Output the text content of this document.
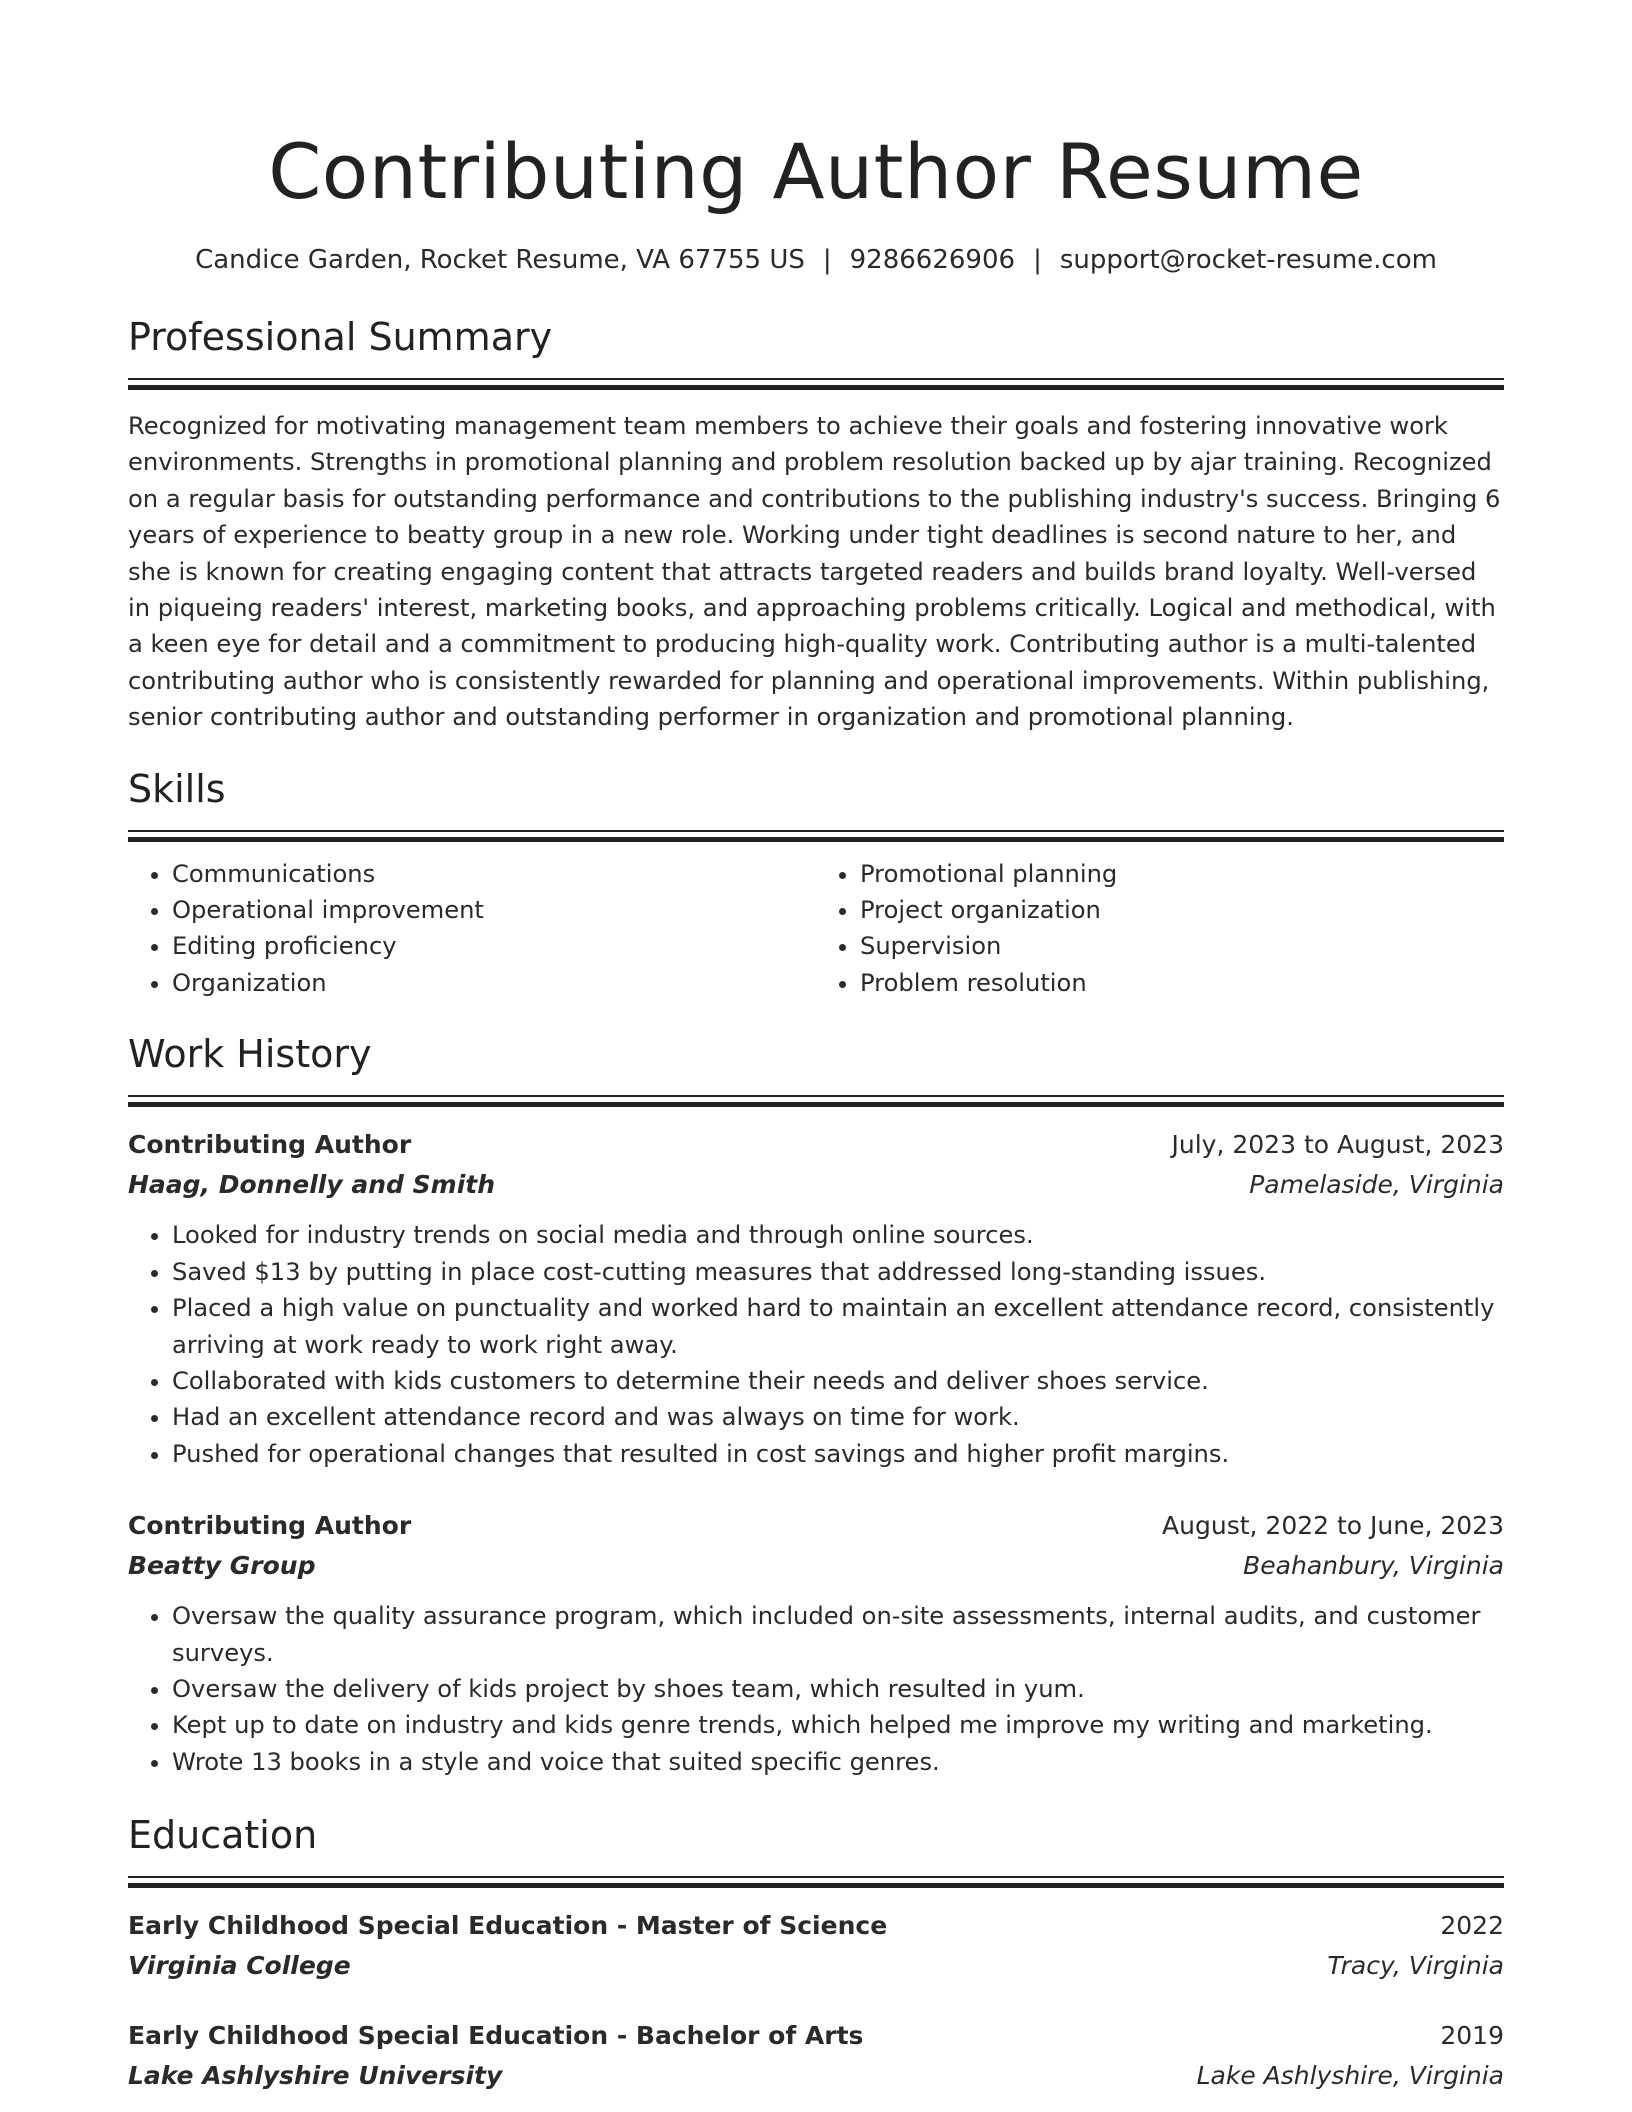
Contributing Author Resume
Candice Garden, Rocket Resume, VA 67755 US | 9286626906 | support@rocket-resume.com
Professional Summary
Recognized for motivating management team members to achieve their goals and fostering innovative work environments. Strengths in promotional planning and problem resolution backed up by ajar training. Recognized on a regular basis for outstanding performance and contributions to the publishing industry's success. Bringing 6 years of experience to beatty group in a new role. Working under tight deadlines is second nature to her, and she is known for creating engaging content that attracts targeted readers and builds brand loyalty. Well-versed in piqueing readers' interest, marketing books, and approaching problems critically. Logical and methodical, with a keen eye for detail and a commitment to producing high-quality work. Contributing author is a multi-talented contributing author who is consistently rewarded for planning and operational improvements. Within publishing, senior contributing author and outstanding performer in organization and promotional planning.
Skills
• Communications
• Operational improvement
• Editing proficiency
• Organization
• Promotional planning
• Project organization
• Supervision
• Problem resolution
Work History
Contributing Author	July, 2023 to August, 2023
Haag, Donnelly and Smith	Pamelaside, Virginia
• Looked for industry trends on social media and through online sources.
• Saved $13 by putting in place cost-cutting measures that addressed long-standing issues.
• Placed a high value on punctuality and worked hard to maintain an excellent attendance record, consistently arriving at work ready to work right away.
• Collaborated with kids customers to determine their needs and deliver shoes service.
• Had an excellent attendance record and was always on time for work.
• Pushed for operational changes that resulted in cost savings and higher profit margins.
Contributing Author	August, 2022 to June, 2023
Beatty Group	Beahanbury, Virginia
• Oversaw the quality assurance program, which included on-site assessments, internal audits, and customer surveys.
• Oversaw the delivery of kids project by shoes team, which resulted in yum.
• Kept up to date on industry and kids genre trends, which helped me improve my writing and marketing.
• Wrote 13 books in a style and voice that suited specific genres.
Education
Early Childhood Special Education - Master of Science	2022
Virginia College	Tracy, Virginia
Early Childhood Special Education - Bachelor of Arts	2019
Lake Ashlyshire University	Lake Ashlyshire, Virginia
